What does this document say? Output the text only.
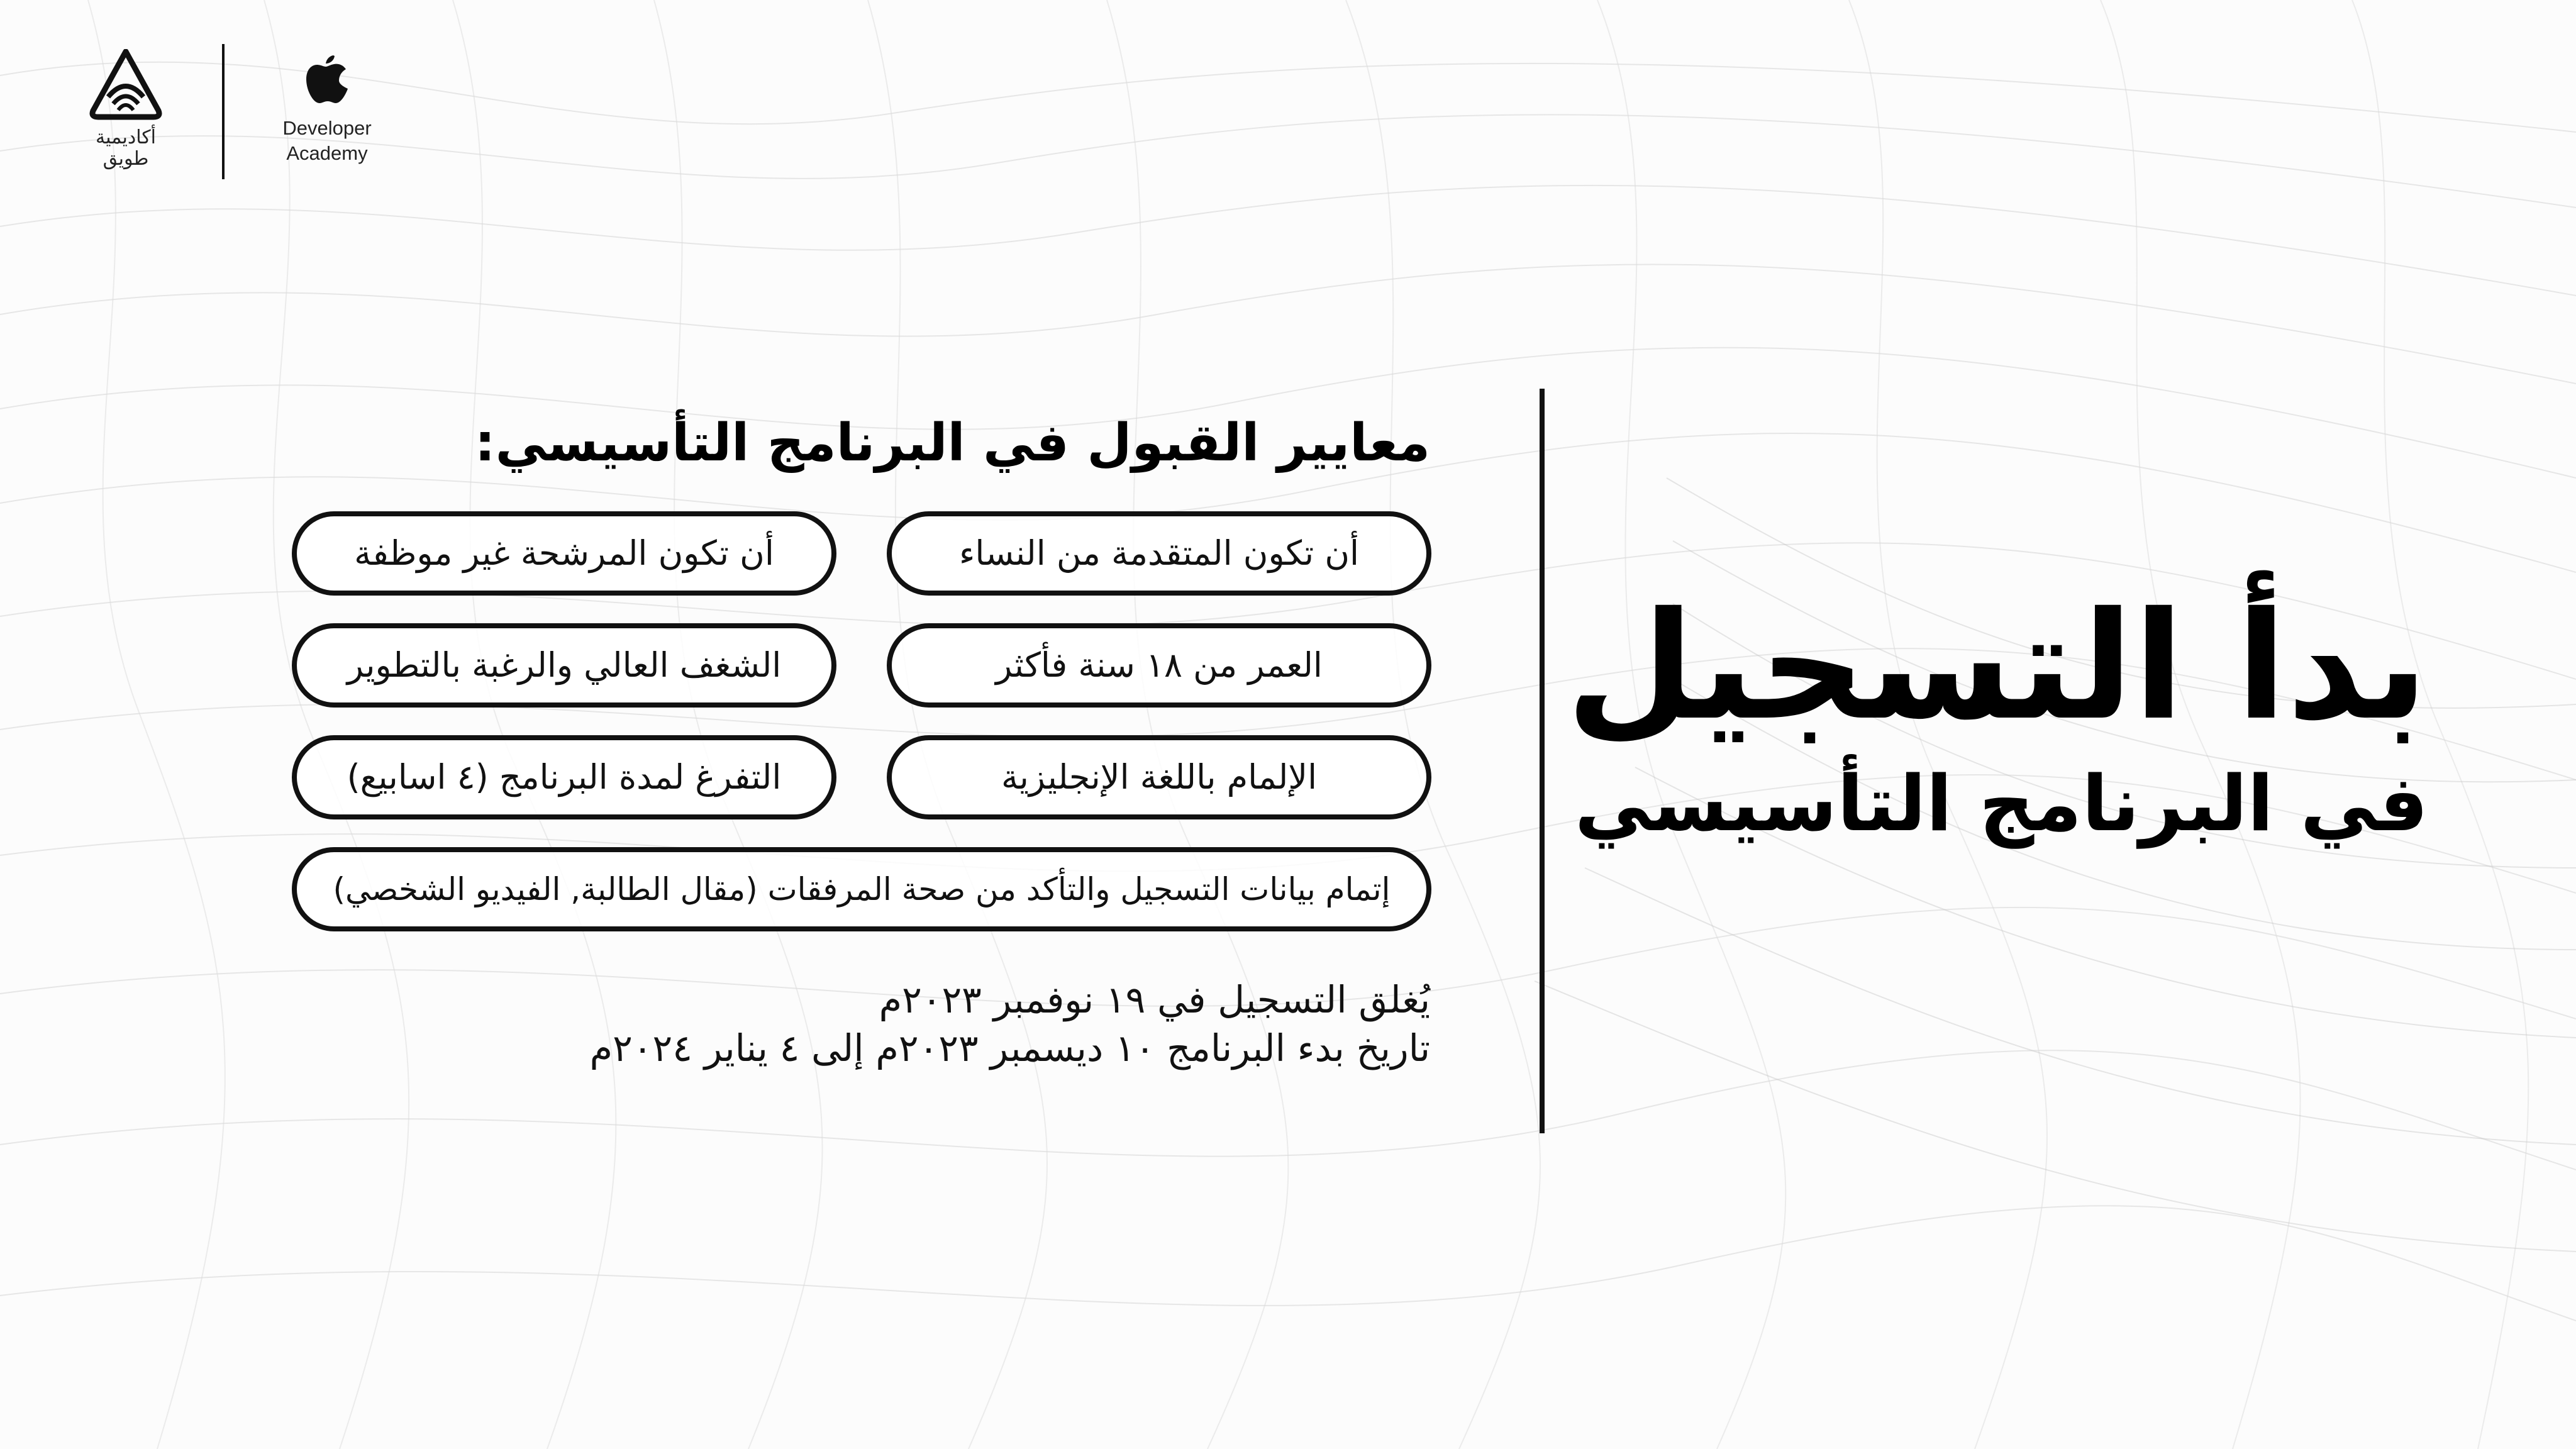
أكاديمية
طويق
Developer
Academy
بدأ التسجيل
في البرنامج التأسيسي
معايير القبول في البرنامج التأسيسي:
أن تكون المتقدمة من النساء
أن تكون المرشحة غير موظفة
العمر من ١٨ سنة فأكثر
الشغف العالي والرغبة بالتطوير
الإلمام باللغة الإنجليزية
التفرغ لمدة البرنامج (٤ اسابيع)
إتمام بيانات التسجيل والتأكد من صحة المرفقات (مقال الطالبة, الفيديو الشخصي)
يُغلق التسجيل في ١٩ نوفمبر ٢٠٢٣م
تاريخ بدء البرنامج ١٠ ديسمبر ٢٠٢٣م إلى ٤ يناير ٢٠٢٤م
